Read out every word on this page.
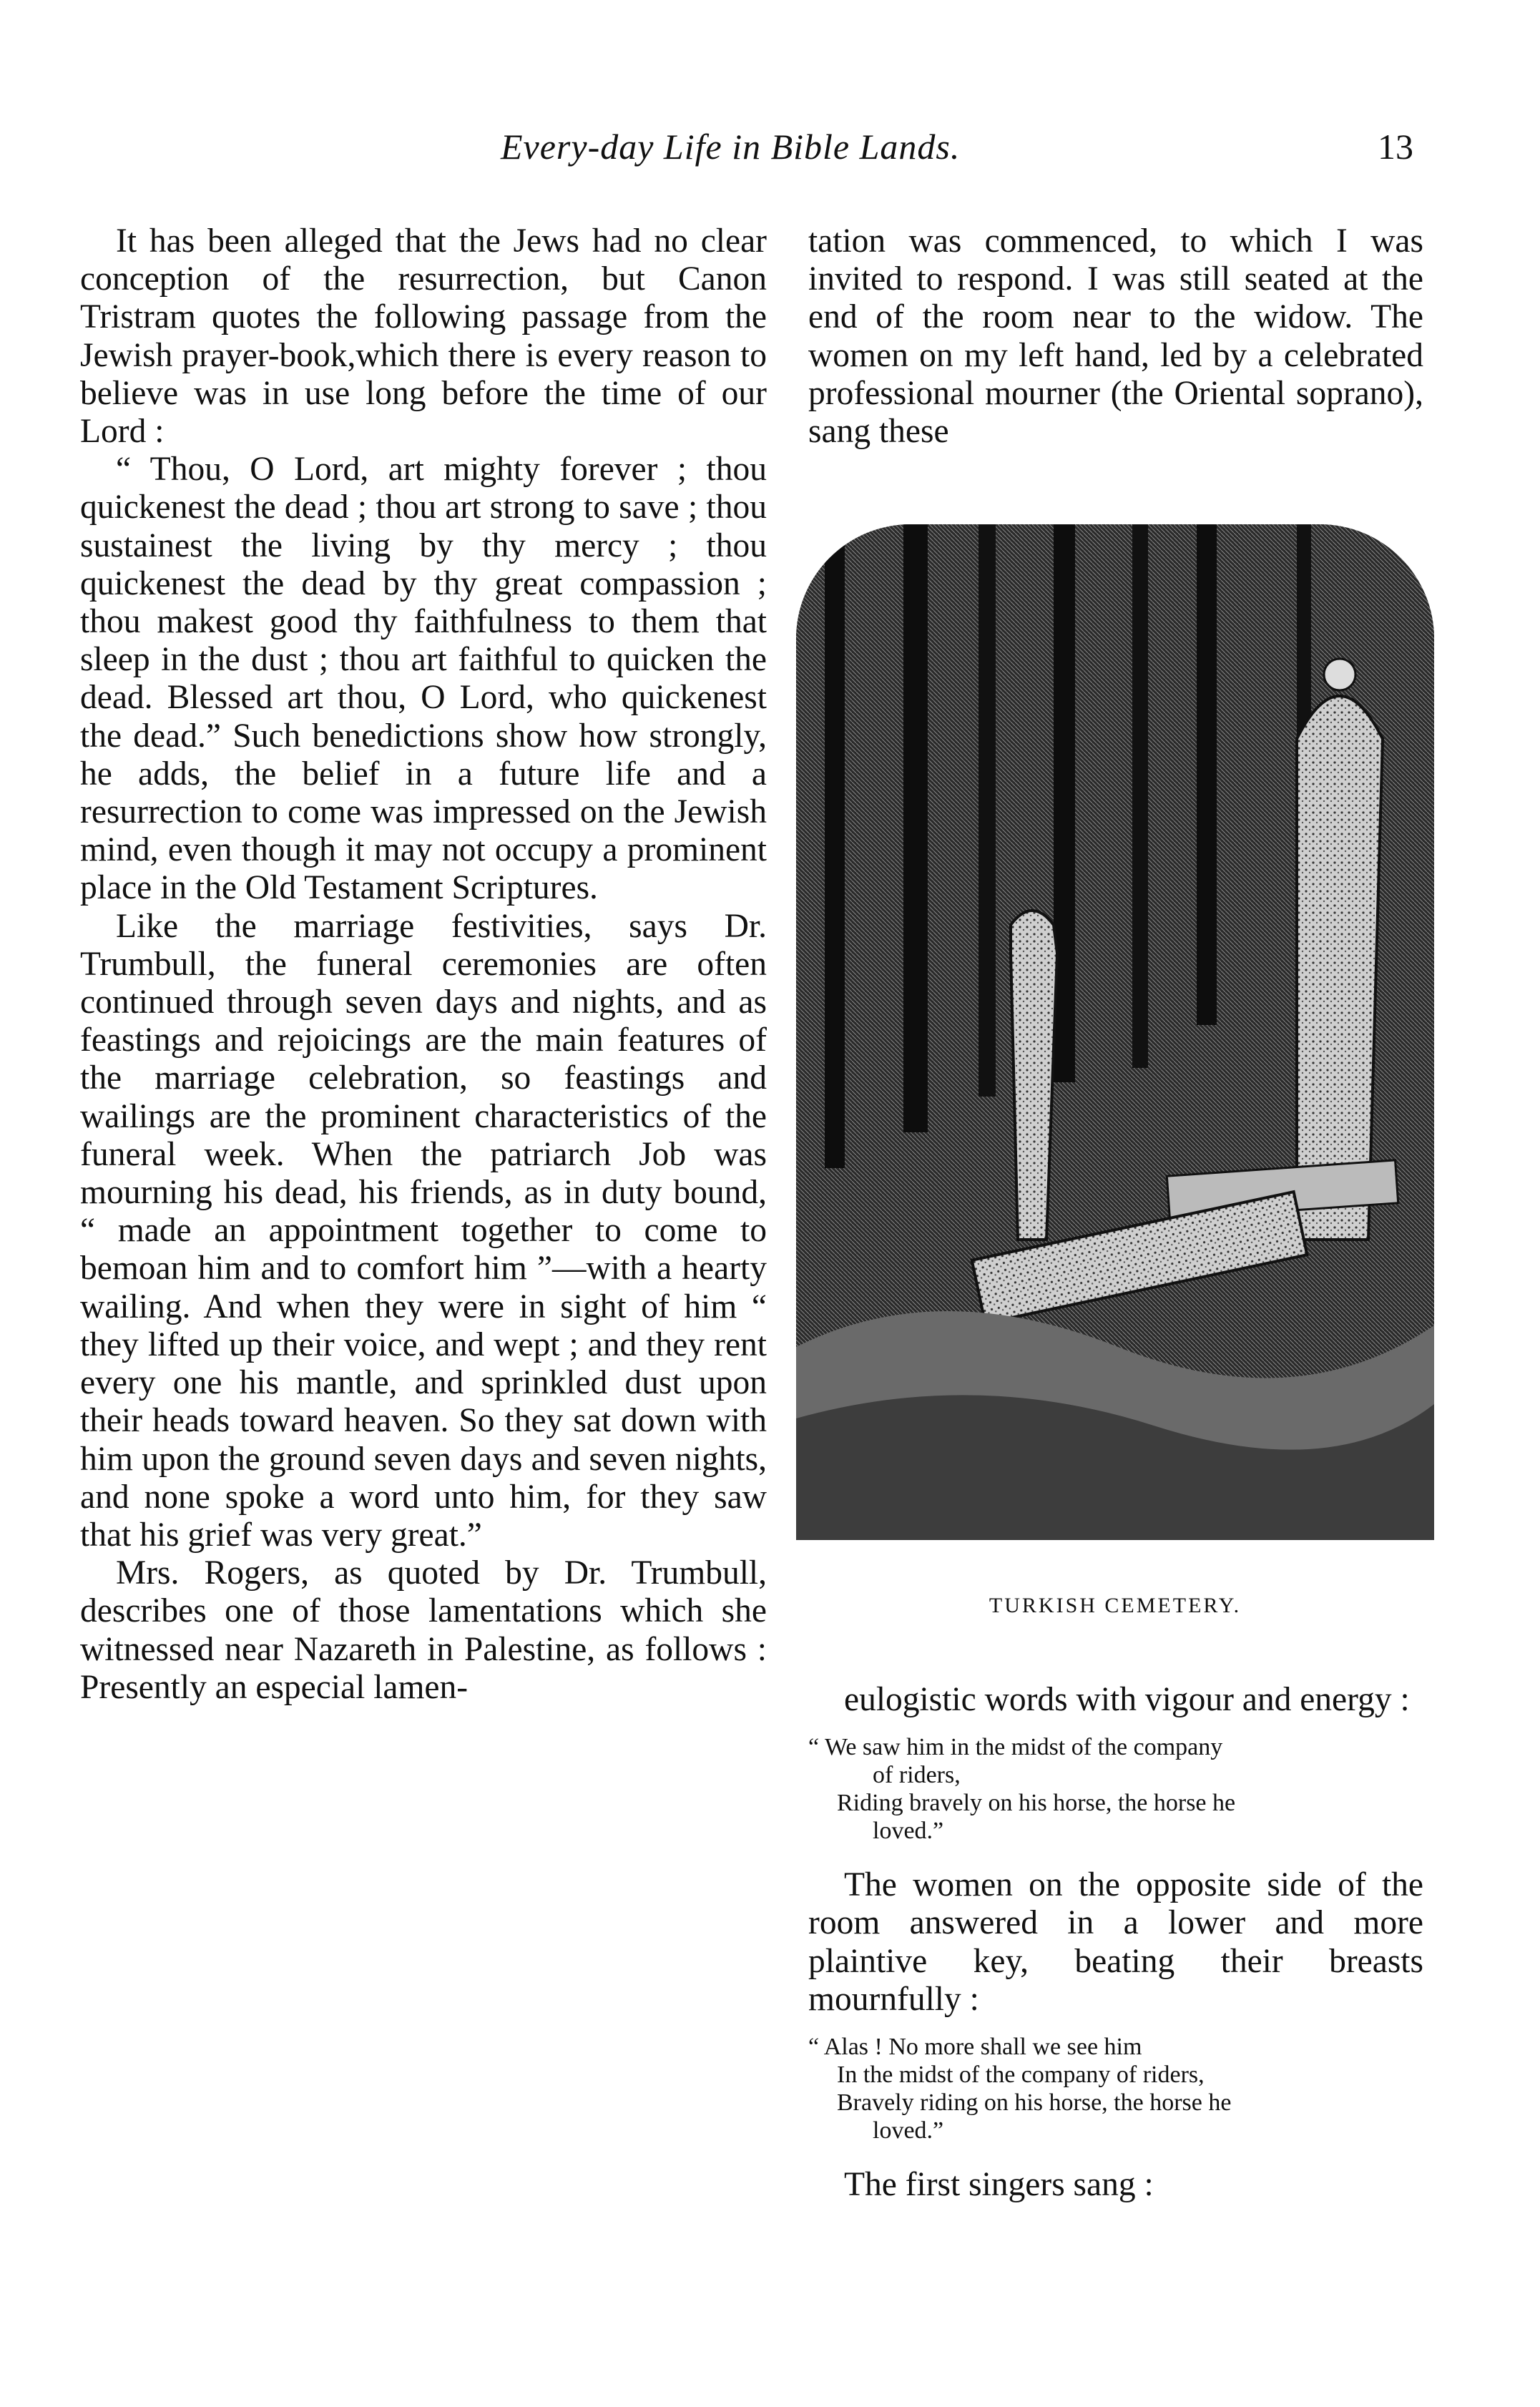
Every-day Life in Bible Lands.	13

It has been alleged that the Jews had no clear conception of the resurrection, but Canon Tristram quotes the following passage from the Jewish prayer-book,which there is every reason to believe was in use long before the time of our Lord :

“ Thou, O Lord, art mighty forever ; thou quickenest the dead ; thou art strong to save ; thou sustainest the living by thy mercy ; thou quickenest the dead by thy great compassion ; thou makest good thy faithfulness to them that sleep in the dust ; thou art faithful to quicken the dead. Blessed art thou, O Lord, who quickenest the dead.” Such benedictions show how strongly, he adds, the belief in a future life and a resurrection to come was impressed on the Jewish mind, even though it may not occupy a prominent place in the Old Testament Scriptures.

Like the marriage festivities, says Dr. Trumbull, the funeral ceremonies are often continued through seven days and nights, and as feastings and rejoicings are the main features of the marriage celebration, so feastings and wailings are the prominent characteristics of the funeral week. When the patriarch Job was mourning his dead, his friends, as in duty bound, “ made an appointment together to come to bemoan him and to comfort him ”—with a hearty wailing. And when they were in sight of him “ they lifted up their voice, and wept ; and they rent every one his mantle, and sprinkled dust upon their heads toward heaven. So they sat down with him upon the ground seven days and seven nights, and none spoke a word unto him, for they saw that his grief was very great.”

Mrs. Rogers, as quoted by Dr. Trumbull, describes one of those lamentations which she witnessed near Nazareth in Palestine, as follows : Presently an especial lamen-

tation was commenced, to which I was invited to respond. I was still seated at the end of the room near to the widow. The women on my left hand, led by a celebrated professional mourner (the Oriental soprano), sang these

TURKISH CEMETERY.

eulogistic words with vigour and energy :

“ We saw him in the midst of the company
of riders,
Riding bravely on his horse, the horse he
loved.”

The women on the opposite side of the room answered in a lower and more plaintive key, beating their breasts mournfully :

“ Alas ! No more shall we see him
In the midst of the company of riders,
Bravely riding on his horse, the horse he
loved.”

The first singers sang :
